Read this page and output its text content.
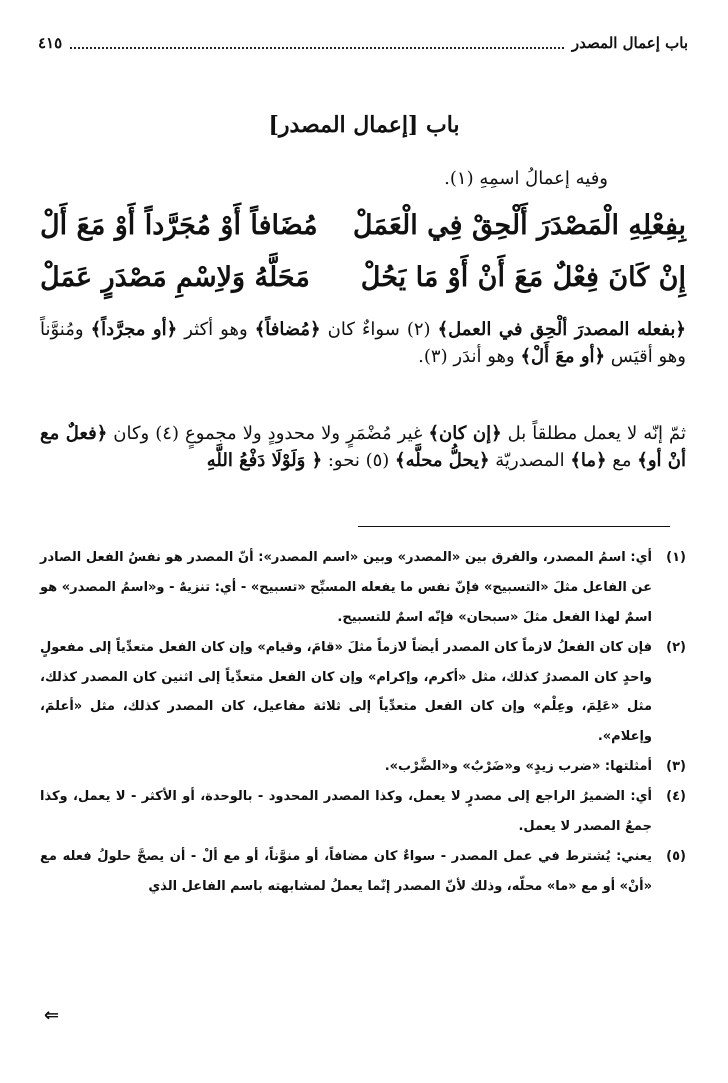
باب إعمال المصدر
٤١٥
باب [إعمال المصدر]
وفيه إعمالُ اسمِهِ (١).
بِفِعْلِهِ الْمَصْدَرَ أَلْحِقْ فِي الْعَمَلْ
مُضَافاً أَوْ مُجَرَّداً أَوْ مَعَ أَلْ
إِنْ كَانَ فِعْلٌ مَعَ أَنْ أَوْ مَا يَحُلْ
مَحَلَّهُ وَلاِسْمِ مَصْدَرٍ عَمَلْ
﴿بفعله المصدرَ ألْحِق في العمل﴾ (٢) سواءٌ كان ﴿مُضافاً﴾ وهو أكثر ﴿أو مجرَّداً﴾ ومُنوَّناً وهو أقيَس ﴿أو معَ أَلْ﴾ وهو أندَر (٣).
ثمّ إنّه لا يعمل مطلقاً بل ﴿إن كان﴾ غير مُضْمَرٍ ولا محدودٍ ولا مجموعٍ (٤) وكان ﴿فعلٌ مع أنْ أو﴾ مع ﴿ما﴾ المصدريّة ﴿يحلُّ محلَّه﴾ (٥) نحو: ﴿ وَلَوْلَا دَفْعُ اللَّهِ
(١)
أي: اسمُ المصدر، والفرق بين «المصدر» وبين «اسم المصدر»: أنّ المصدر هو نفسُ الفعل الصادر عن الفاعل مثلَ «التسبيح» فإنّ نفس ما يفعله المسبِّح «تسبيح» - أي: تنزيهٌ - و«اسمُ المصدر» هو اسمٌ لهذا الفعل مثلَ «سبحان» فإنّه اسمٌ للتسبيح.
(٢)
فإن كان الفعلُ لازماً كان المصدر أيضاً لازماً مثلَ «قامَ، وقيام» وإن كان الفعل متعدِّياً إلى مفعولٍ واحدٍ كان المصدرُ كذلك، مثل «أكرم، وإكرام» وإن كان الفعل متعدِّياً إلى اثنين كان المصدر كذلك، مثل «عَلِمَ، وعِلْم» وإن كان الفعل متعدِّياً إلى ثلاثة مفاعيل، كان المصدر كذلك، مثل «أعلمَ، وإعلام».
(٣)
أمثلتها: «ضرب زيدٍ» و«ضَرْبٌ» و«الضَّرْب».
(٤)
أي: الضميرُ الراجع إلى مصدرٍ لا يعمل، وكذا المصدر المحدود - بالوحدة، أو الأكثر - لا يعمل، وكذا جمعُ المصدر لا يعمل.
(٥)
يعني: يُشترط في عمل المصدر - سواءٌ كان مضافاً، أو منوَّناً، أو مع ألْ - أن يصحَّ حلولُ فعله مع «أنْ» أو مع «ما» محلّه، وذلك لأنّ المصدر إنّما يعملُ لمشابهته باسم الفاعل الذي
⇐
